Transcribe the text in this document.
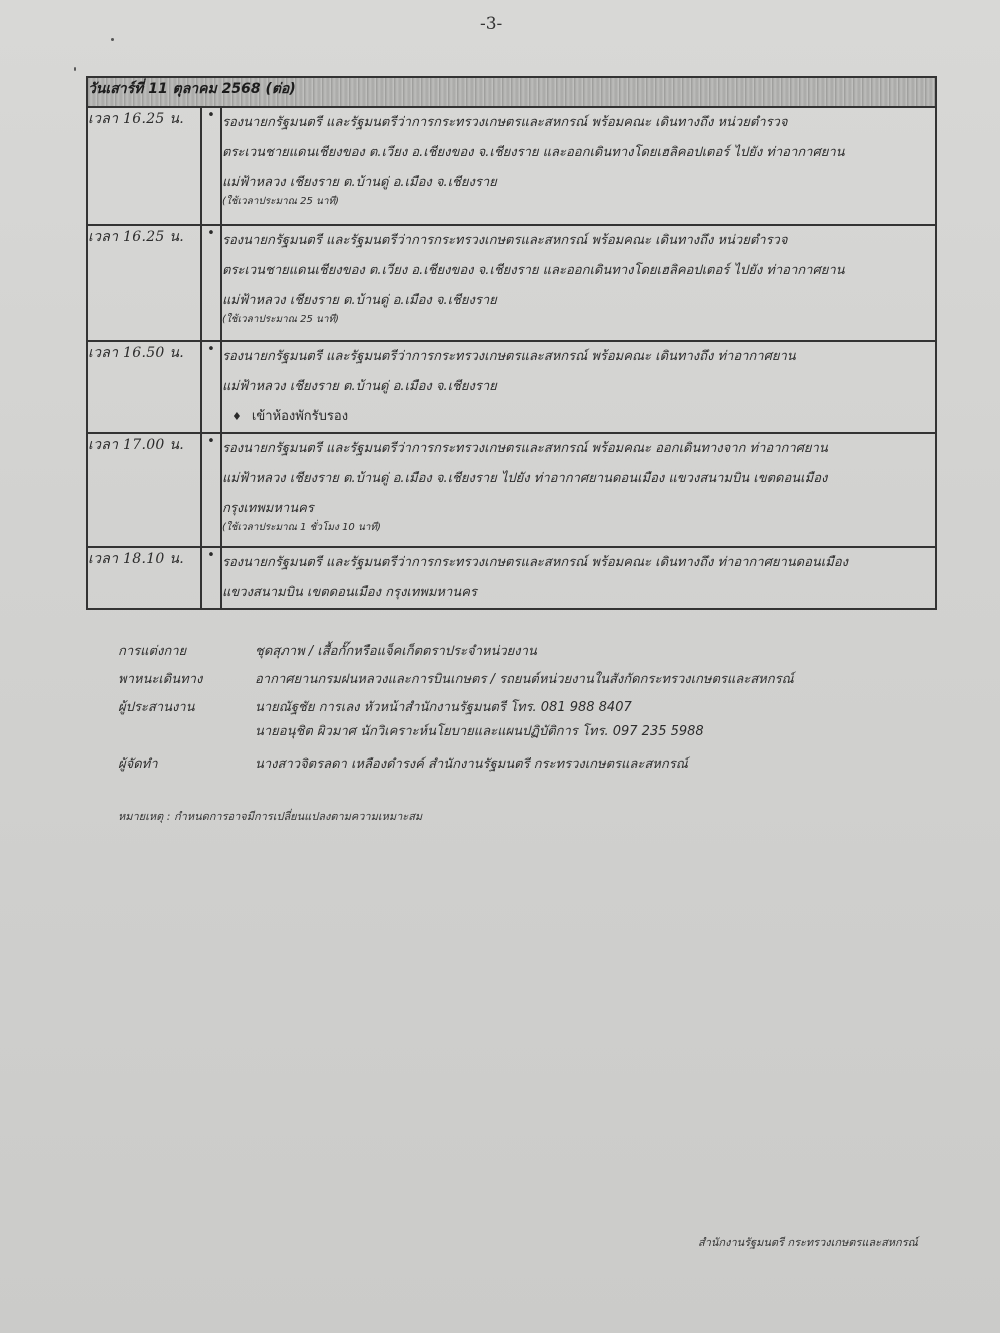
-3-
วันเสาร์ที่ 11 ตุลาคม 2568 (ต่อ)		
เวลา 16.25 น.	•	รองนายกรัฐมนตรี และรัฐมนตรีว่าการกระทรวงเกษตรและสหกรณ์ พร้อมคณะ เดินทางถึง หน่วยตำรวจ
ตระเวนชายแดนเชียงของ ต.เวียง อ.เชียงของ จ.เชียงราย และออกเดินทางโดยเฮลิคอปเตอร์ ไปยัง ท่าอากาศยาน
แม่ฟ้าหลวง เชียงราย ต.บ้านดู่ อ.เมือง จ.เชียงราย
(ใช้เวลาประมาณ 25 นาที)

เวลา 16.25 น.	•	รองนายกรัฐมนตรี และรัฐมนตรีว่าการกระทรวงเกษตรและสหกรณ์ พร้อมคณะ เดินทางถึง หน่วยตำรวจ
ตระเวนชายแดนเชียงของ ต.เวียง อ.เชียงของ จ.เชียงราย และออกเดินทางโดยเฮลิคอปเตอร์ ไปยัง ท่าอากาศยาน
แม่ฟ้าหลวง เชียงราย ต.บ้านดู่ อ.เมือง จ.เชียงราย
(ใช้เวลาประมาณ 25 นาที)

เวลา 16.50 น.	•	รองนายกรัฐมนตรี และรัฐมนตรีว่าการกระทรวงเกษตรและสหกรณ์ พร้อมคณะ เดินทางถึง ท่าอากาศยาน
แม่ฟ้าหลวง เชียงราย ต.บ้านดู่ อ.เมือง จ.เชียงราย
♦ เข้าห้องพักรับรอง

เวลา 17.00 น.	•	รองนายกรัฐมนตรี และรัฐมนตรีว่าการกระทรวงเกษตรและสหกรณ์ พร้อมคณะ ออกเดินทางจาก ท่าอากาศยาน
แม่ฟ้าหลวง เชียงราย ต.บ้านดู่ อ.เมือง จ.เชียงราย ไปยัง ท่าอากาศยานดอนเมือง แขวงสนามบิน เขตดอนเมือง
กรุงเทพมหานคร
(ใช้เวลาประมาณ 1 ชั่วโมง 10 นาที)

เวลา 18.10 น.	•	รองนายกรัฐมนตรี และรัฐมนตรีว่าการกระทรวงเกษตรและสหกรณ์ พร้อมคณะ เดินทางถึง ท่าอากาศยานดอนเมือง
แขวงสนามบิน เขตดอนเมือง กรุงเทพมหานคร
การแต่งกาย	ชุดสุภาพ / เสื้อกั๊กหรือแจ็คเก็ตตราประจำหน่วยงาน
พาหนะเดินทาง	อากาศยานกรมฝนหลวงและการบินเกษตร / รถยนต์หน่วยงานในสังกัดกระทรวงเกษตรและสหกรณ์
ผู้ประสานงาน	นายณัฐชัย การเลง หัวหน้าสำนักงานรัฐมนตรี โทร. 081 988 8407
นายอนุชิต ผิวมาศ นักวิเคราะห์นโยบายและแผนปฏิบัติการ โทร. 097 235 5988
ผู้จัดทำ	นางสาวจิตรลดา เหลืองดำรงค์ สำนักงานรัฐมนตรี กระทรวงเกษตรและสหกรณ์
หมายเหตุ : กำหนดการอาจมีการเปลี่ยนแปลงตามความเหมาะสม
สำนักงานรัฐมนตรี กระทรวงเกษตรและสหกรณ์
